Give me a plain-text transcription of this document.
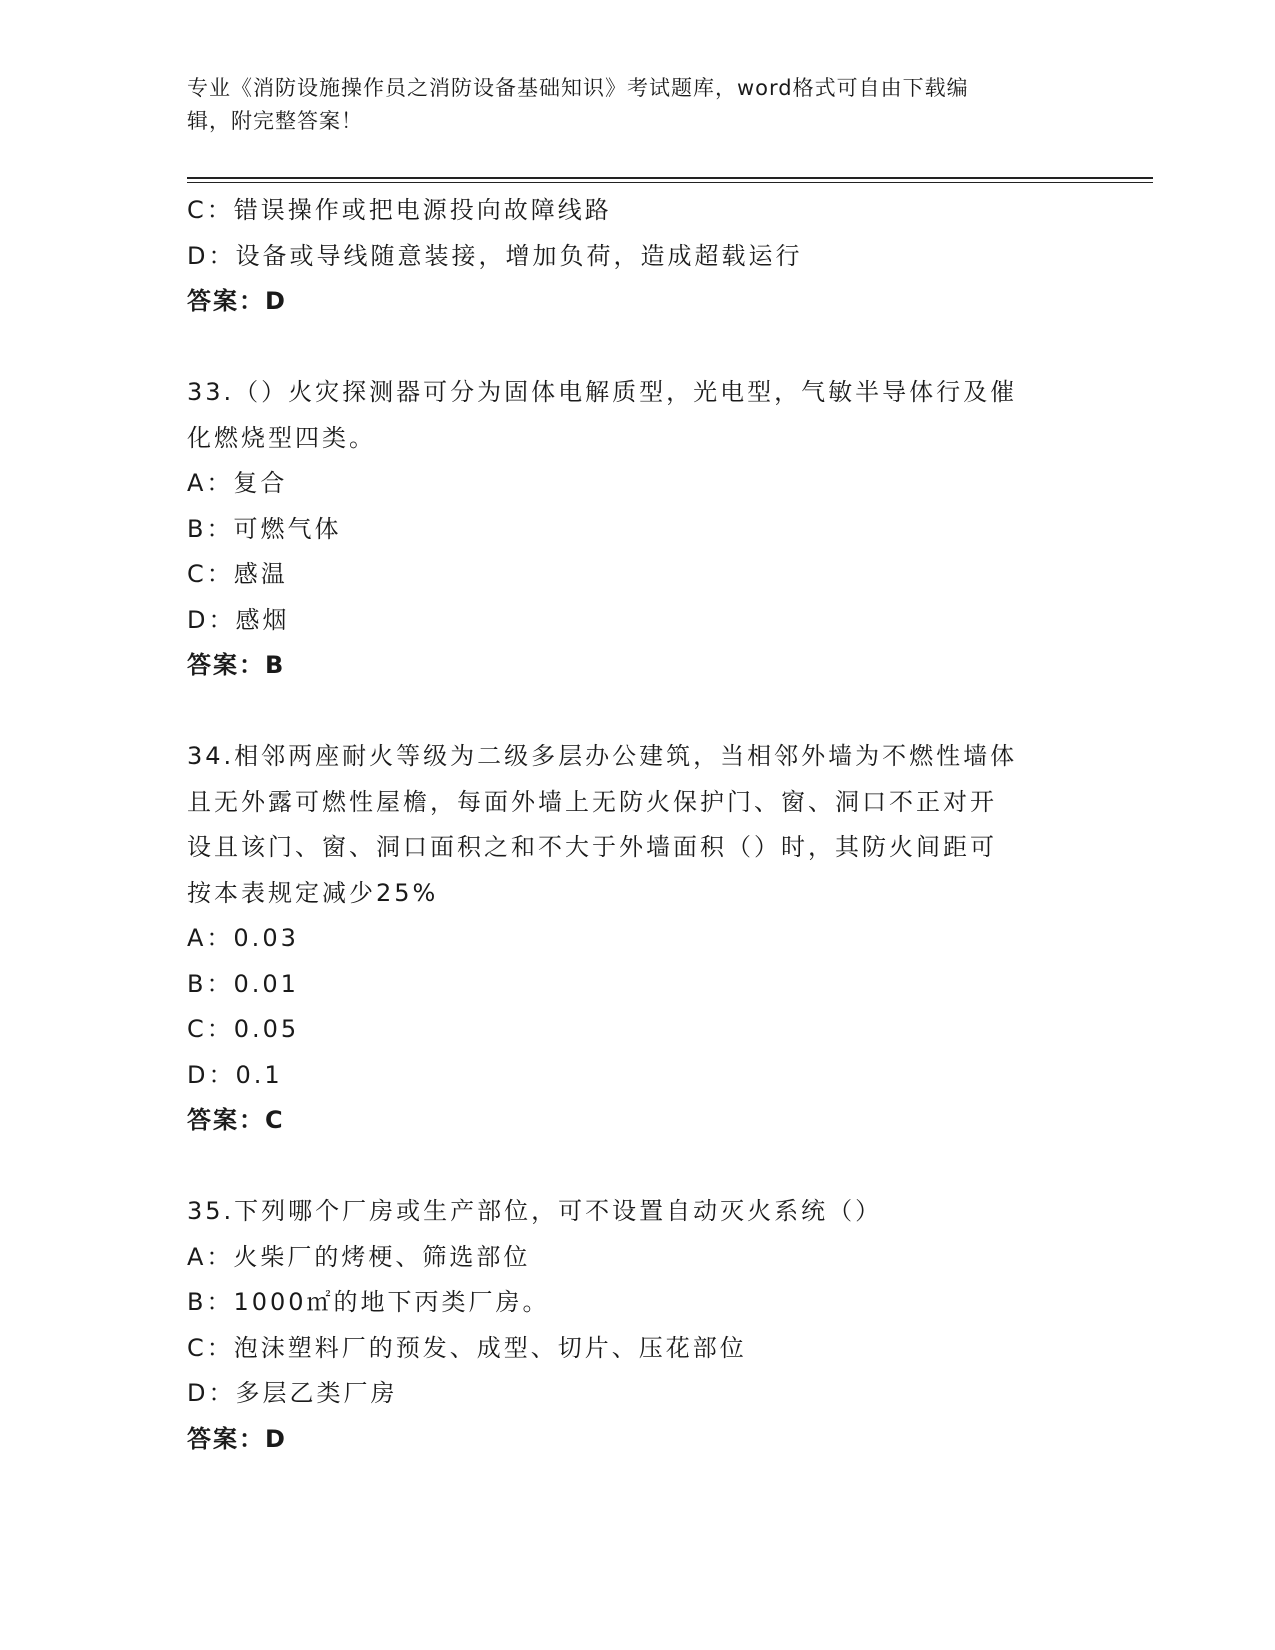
专业《消防设施操作员之消防设备基础知识》考试题库，word格式可自由下载编
辑，附完整答案！
C：错误操作或把电源投向故障线路
D：设备或导线随意装接，增加负荷，造成超载运行
答案：D
33.（）火灾探测器可分为固体电解质型，光电型，气敏半导体行及催
化燃烧型四类。
A：复合
B：可燃气体
C：感温
D：感烟
答案：B
34.相邻两座耐火等级为二级多层办公建筑，当相邻外墙为不燃性墙体
且无外露可燃性屋檐，每面外墙上无防火保护门、窗、洞口不正对开
设且该门、窗、洞口面积之和不大于外墙面积（）时，其防火间距可
按本表规定减少25%
A：0.03
B：0.01
C：0.05
D：0.1
答案：C
35.下列哪个厂房或生产部位，可不设置自动灭火系统（）
A：火柴厂的烤梗、筛选部位
B：1000㎡的地下丙类厂房。
C：泡沫塑料厂的预发、成型、切片、压花部位
D：多层乙类厂房
答案：D
